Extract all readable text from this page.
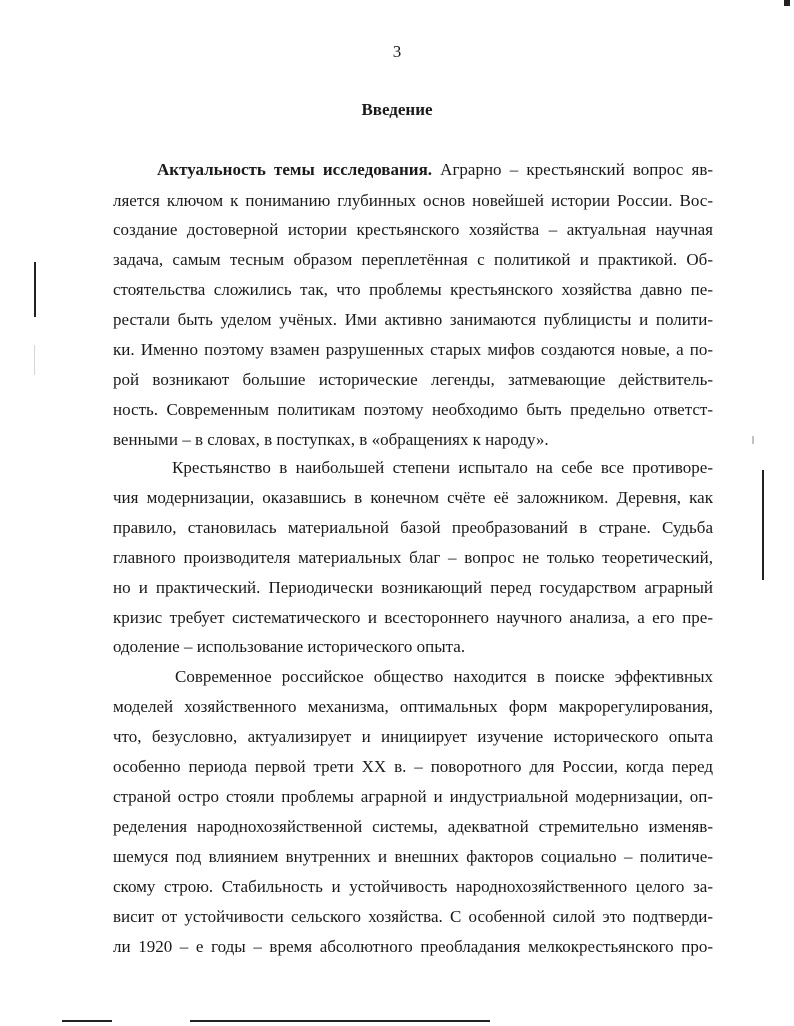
3
Введение
Актуальность темы исследования. Аграрно – крестьянский вопрос яв-
ляется ключом к пониманию глубинных основ новейшей истории России. Вос-
создание достоверной истории крестьянского хозяйства – актуальная научная
задача, самым тесным образом переплетённая с политикой и практикой. Об-
стоятельства сложились так, что проблемы крестьянского хозяйства давно пе-
рестали быть уделом учёных. Ими активно занимаются публицисты и полити-
ки. Именно поэтому взамен разрушенных старых мифов создаются новые, а по-
рой возникают большие исторические легенды, затмевающие действитель-
ность. Современным политикам поэтому необходимо быть предельно ответст-
венными – в словах, в поступках, в «обращениях к народу».
Крестьянство в наибольшей степени испытало на себе все противоре-
чия модернизации, оказавшись в конечном счёте её заложником. Деревня, как
правило, становилась материальной базой преобразований в стране. Судьба
главного производителя материальных благ – вопрос не только теоретический,
но и практический. Периодически возникающий перед государством аграрный
кризис требует систематического и всестороннего научного анализа, а его пре-
одоление – использование исторического опыта.
Современное российское общество находится в поиске эффективных
моделей хозяйственного механизма, оптимальных форм макрорегулирования,
что, безусловно, актуализирует и инициирует изучение исторического опыта
особенно периода первой трети XX в. – поворотного для России, когда перед
страной остро стояли проблемы аграрной и индустриальной модернизации, оп-
ределения народнохозяйственной системы, адекватной стремительно изменяв-
шемуся под влиянием внутренних и внешних факторов социально – политиче-
скому строю. Стабильность и устойчивость народнохозяйственного целого за-
висит от устойчивости сельского хозяйства. С особенной силой это подтверди-
ли 1920 – е годы – время абсолютного преобладания мелкокрестьянского про-
